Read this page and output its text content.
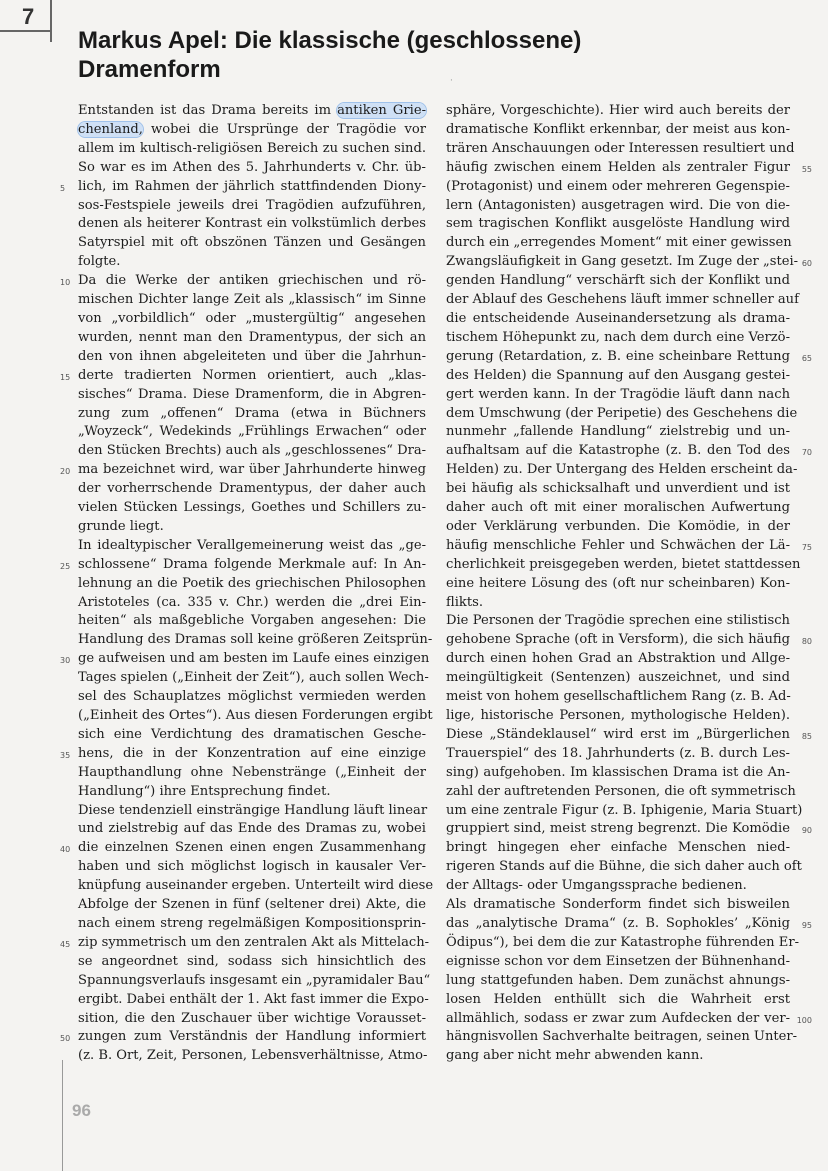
7
·
Markus Apel: Die klassische (geschlossene) Dramenform
Entstanden ist das Drama bereits im antiken Grie-
chenland, wobei die Ursprünge der Tragödie vor
allem im kultisch-religiösen Bereich zu suchen sind.
So war es im Athen des 5. Jahrhunderts v. Chr. üb-
lich, im Rahmen der jährlich stattfindenden Diony-
5
sos-Festspiele jeweils drei Tragödien aufzuführen,
denen als heiterer Kontrast ein volkstümlich derbes
Satyrspiel mit oft obszönen Tänzen und Gesängen
folgte.
Da die Werke der antiken griechischen und rö-
10
mischen Dichter lange Zeit als „klassisch“ im Sinne
von „vorbildlich“ oder „mustergültig“ angesehen
wurden, nennt man den Dramentypus, der sich an
den von ihnen abgeleiteten und über die Jahrhun-
derte tradierten Normen orientiert, auch „klas-
15
sisches“ Drama. Diese Dramenform, die in Abgren-
zung zum „offenen“ Drama (etwa in Büchners
„Woyzeck“, Wedekinds „Frühlings Erwachen“ oder
den Stücken Brechts) auch als „geschlossenes“ Dra-
ma bezeichnet wird, war über Jahrhunderte hinweg
20
der vorherrschende Dramentypus, der daher auch
vielen Stücken Lessings, Goethes und Schillers zu-
grunde liegt.
In idealtypischer Verallgemeinerung weist das „ge-
schlossene“ Drama folgende Merkmale auf: In An-
25
lehnung an die Poetik des griechischen Philosophen
Aristoteles (ca. 335 v. Chr.) werden die „drei Ein-
heiten“ als maßgebliche Vorgaben angesehen: Die
Handlung des Dramas soll keine größeren Zeitsprün-
ge aufweisen und am besten im Laufe eines einzigen
30
Tages spielen („Einheit der Zeit“), auch sollen Wech-
sel des Schauplatzes möglichst vermieden werden
(„Einheit des Ortes“). Aus diesen Forderungen ergibt
sich eine Verdichtung des dramatischen Gesche-
hens, die in der Konzentration auf eine einzige
35
Haupthandlung ohne Nebenstränge („Einheit der
Handlung“) ihre Entsprechung findet.
Diese tendenziell einsträngige Handlung läuft linear
und zielstrebig auf das Ende des Dramas zu, wobei
die einzelnen Szenen einen engen Zusammenhang
40
haben und sich möglichst logisch in kausaler Ver-
knüpfung auseinander ergeben. Unterteilt wird diese
Abfolge der Szenen in fünf (seltener drei) Akte, die
nach einem streng regelmäßigen Kompositionsprin-
zip symmetrisch um den zentralen Akt als Mittelach-
45
se angeordnet sind, sodass sich hinsichtlich des
Spannungsverlaufs insgesamt ein „pyramidaler Bau“
ergibt. Dabei enthält der 1. Akt fast immer die Expo-
sition, die den Zuschauer über wichtige Vorausset-
zungen zum Verständnis der Handlung informiert
50
(z. B. Ort, Zeit, Personen, Lebensverhältnisse, Atmo-
sphäre, Vorgeschichte). Hier wird auch bereits der
dramatische Konflikt erkennbar, der meist aus kon-
trären Anschauungen oder Interessen resultiert und
häufig zwischen einem Helden als zentraler Figur 55
(Protagonist) und einem oder mehreren Gegenspie-
lern (Antagonisten) ausgetragen wird. Die von die-
sem tragischen Konflikt ausgelöste Handlung wird
durch ein „erregendes Moment“ mit einer gewissen
Zwangsläufigkeit in Gang gesetzt. Im Zuge der „stei- 60
genden Handlung“ verschärft sich der Konflikt und
der Ablauf des Geschehens läuft immer schneller auf
die entscheidende Auseinandersetzung als drama-
tischem Höhepunkt zu, nach dem durch eine Verzö-
gerung (Retardation, z. B. eine scheinbare Rettung 65
des Helden) die Spannung auf den Ausgang gestei-
gert werden kann. In der Tragödie läuft dann nach
dem Umschwung (der Peripetie) des Geschehens die
nunmehr „fallende Handlung“ zielstrebig und un-
aufhaltsam auf die Katastrophe (z. B. den Tod des 70
Helden) zu. Der Untergang des Helden erscheint da-
bei häufig als schicksalhaft und unverdient und ist
daher auch oft mit einer moralischen Aufwertung
oder Verklärung verbunden. Die Komödie, in der
häufig menschliche Fehler und Schwächen der Lä- 75
cherlichkeit preisgegeben werden, bietet stattdessen
eine heitere Lösung des (oft nur scheinbaren) Kon-
flikts.
Die Personen der Tragödie sprechen eine stilistisch
gehobene Sprache (oft in Versform), die sich häufig 80
durch einen hohen Grad an Abstraktion und Allge-
meingültigkeit (Sentenzen) auszeichnet, und sind
meist von hohem gesellschaftlichem Rang (z. B. Ad-
lige, historische Personen, mythologische Helden).
Diese „Ständeklausel“ wird erst im „Bürgerlichen 85
Trauerspiel“ des 18. Jahrhunderts (z. B. durch Les-
sing) aufgehoben. Im klassischen Drama ist die An-
zahl der auftretenden Personen, die oft symmetrisch
um eine zentrale Figur (z. B. Iphigenie, Maria Stuart)
gruppiert sind, meist streng begrenzt. Die Komödie 90
bringt hingegen eher einfache Menschen nied-
rigeren Stands auf die Bühne, die sich daher auch oft
der Alltags- oder Umgangssprache bedienen.
Als dramatische Sonderform findet sich bisweilen
das „analytische Drama“ (z. B. Sophokles’ „König 95
Ödipus“), bei dem die zur Katastrophe führenden Er-
eignisse schon vor dem Einsetzen der Bühnenhand-
lung stattgefunden haben. Dem zunächst ahnungs-
losen Helden enthüllt sich die Wahrheit erst
allmählich, sodass er zwar zum Aufdecken der ver- 100
hängnisvollen Sachverhalte beitragen, seinen Unter-
gang aber nicht mehr abwenden kann.
96
